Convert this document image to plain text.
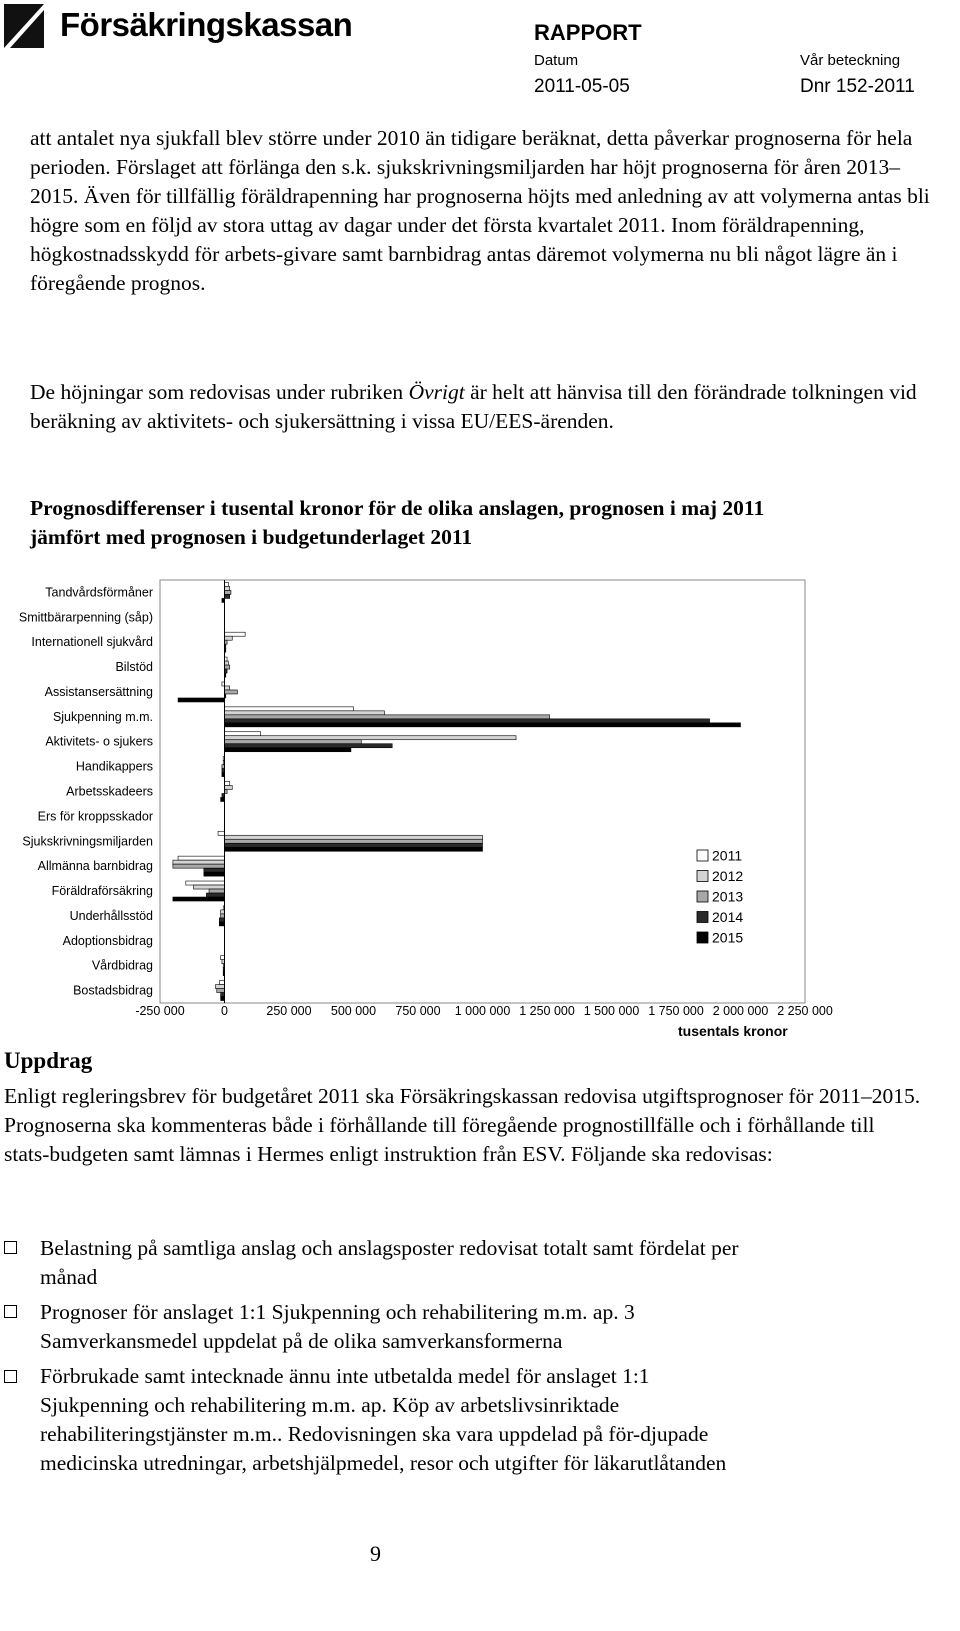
Försäkringskassan	RAPPORT
Datum	Vår beteckning
2011-05-05	Dnr 152-2011
att antalet nya sjukfall blev större under 2010 än tidigare beräknat, detta påverkar prognoserna för hela perioden. Förslaget att förlänga den s.k. sjukskrivningsmiljarden har höjt prognoserna för åren 2013–2015. Även för tillfällig föräldrapenning har prognoserna höjts med anledning av att volymerna antas bli högre som en följd av stora uttag av dagar under det första kvartalet 2011. Inom föräldrapenning, högkostnadsskydd för arbets-givare samt barnbidrag antas däremot volymerna nu bli något lägre än i föregående prognos.
De höjningar som redovisas under rubriken Övrigt är helt att hänvisa till den förändrade tolkningen vid beräkning av aktivitets- och sjukersättning i vissa EU/EES-ärenden.
Prognosdifferenser i tusental kronor för de olika anslagen, prognosen i maj 2011 jämfört med prognosen i budgetunderlaget 2011
Tandvårdsförmåner
Smittbärarpenning (såp)
Internationell sjukvård
Bilstöd
Assistansersättning
Sjukpenning m.m.
Aktivitets- o sjukers
Handikappers
Arbetsskadeers
Ers för kroppsskador
Sjukskrivningsmiljarden
Allmänna barnbidrag
Föräldraförsäkring
Underhållsstöd
Adoptionsbidrag
Vårdbidrag
Bostadsbidrag
-250 000	0	250 000 500 000 750 000 1 000 000 1 250 000 1 500 000 1 750 000 2 000 000 2 250 000
2011
2012
2013
2014
2015
tusentals kronor
Uppdrag
Enligt regleringsbrev för budgetåret 2011 ska Försäkringskassan redovisa utgiftsprognoser för 2011–2015. Prognoserna ska kommenteras både i förhållande till föregående prognostillfälle och i förhållande till stats-budgeten samt lämnas i Hermes enligt instruktion från ESV. Följande ska redovisas:
Belastning på samtliga anslag och anslagsposter redovisat totalt samt fördelat per månad
Prognoser för anslaget 1:1 Sjukpenning och rehabilitering m.m. ap. 3 Samverkansmedel uppdelat på de olika samverkansformerna
Förbrukade samt intecknade ännu inte utbetalda medel för anslaget 1:1 Sjukpenning och rehabilitering m.m. ap. Köp av arbetslivsinriktade rehabiliteringstjänster m.m.. Redovisningen ska vara uppdelad på för-djupade medicinska utredningar, arbetshjälpmedel, resor och utgifter för läkarutlåtanden
9
